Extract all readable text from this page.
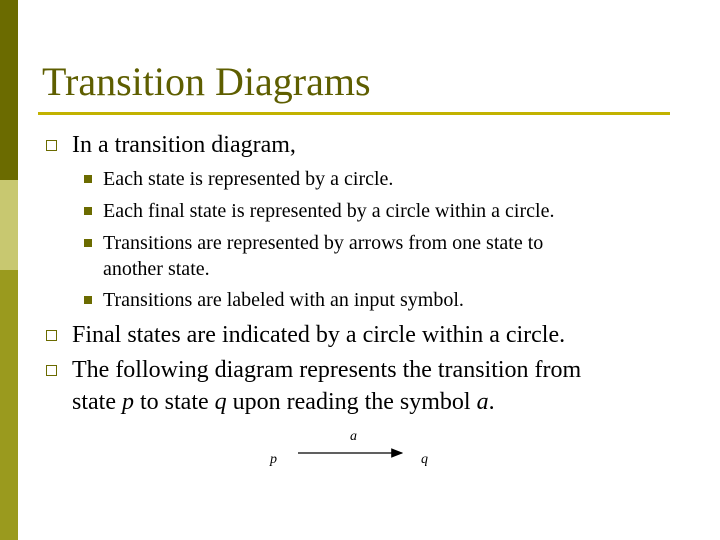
Transition Diagrams
In a transition diagram,
Each state is represented by a circle.
Each final state is represented by a circle within a circle.
Transitions are represented by arrows from one state to
another state.
Transitions are labeled with an input symbol.
Final states are indicated by a circle within a circle.
The following diagram represents the transition from
state p to state q upon reading the symbol a.
p
a
q
